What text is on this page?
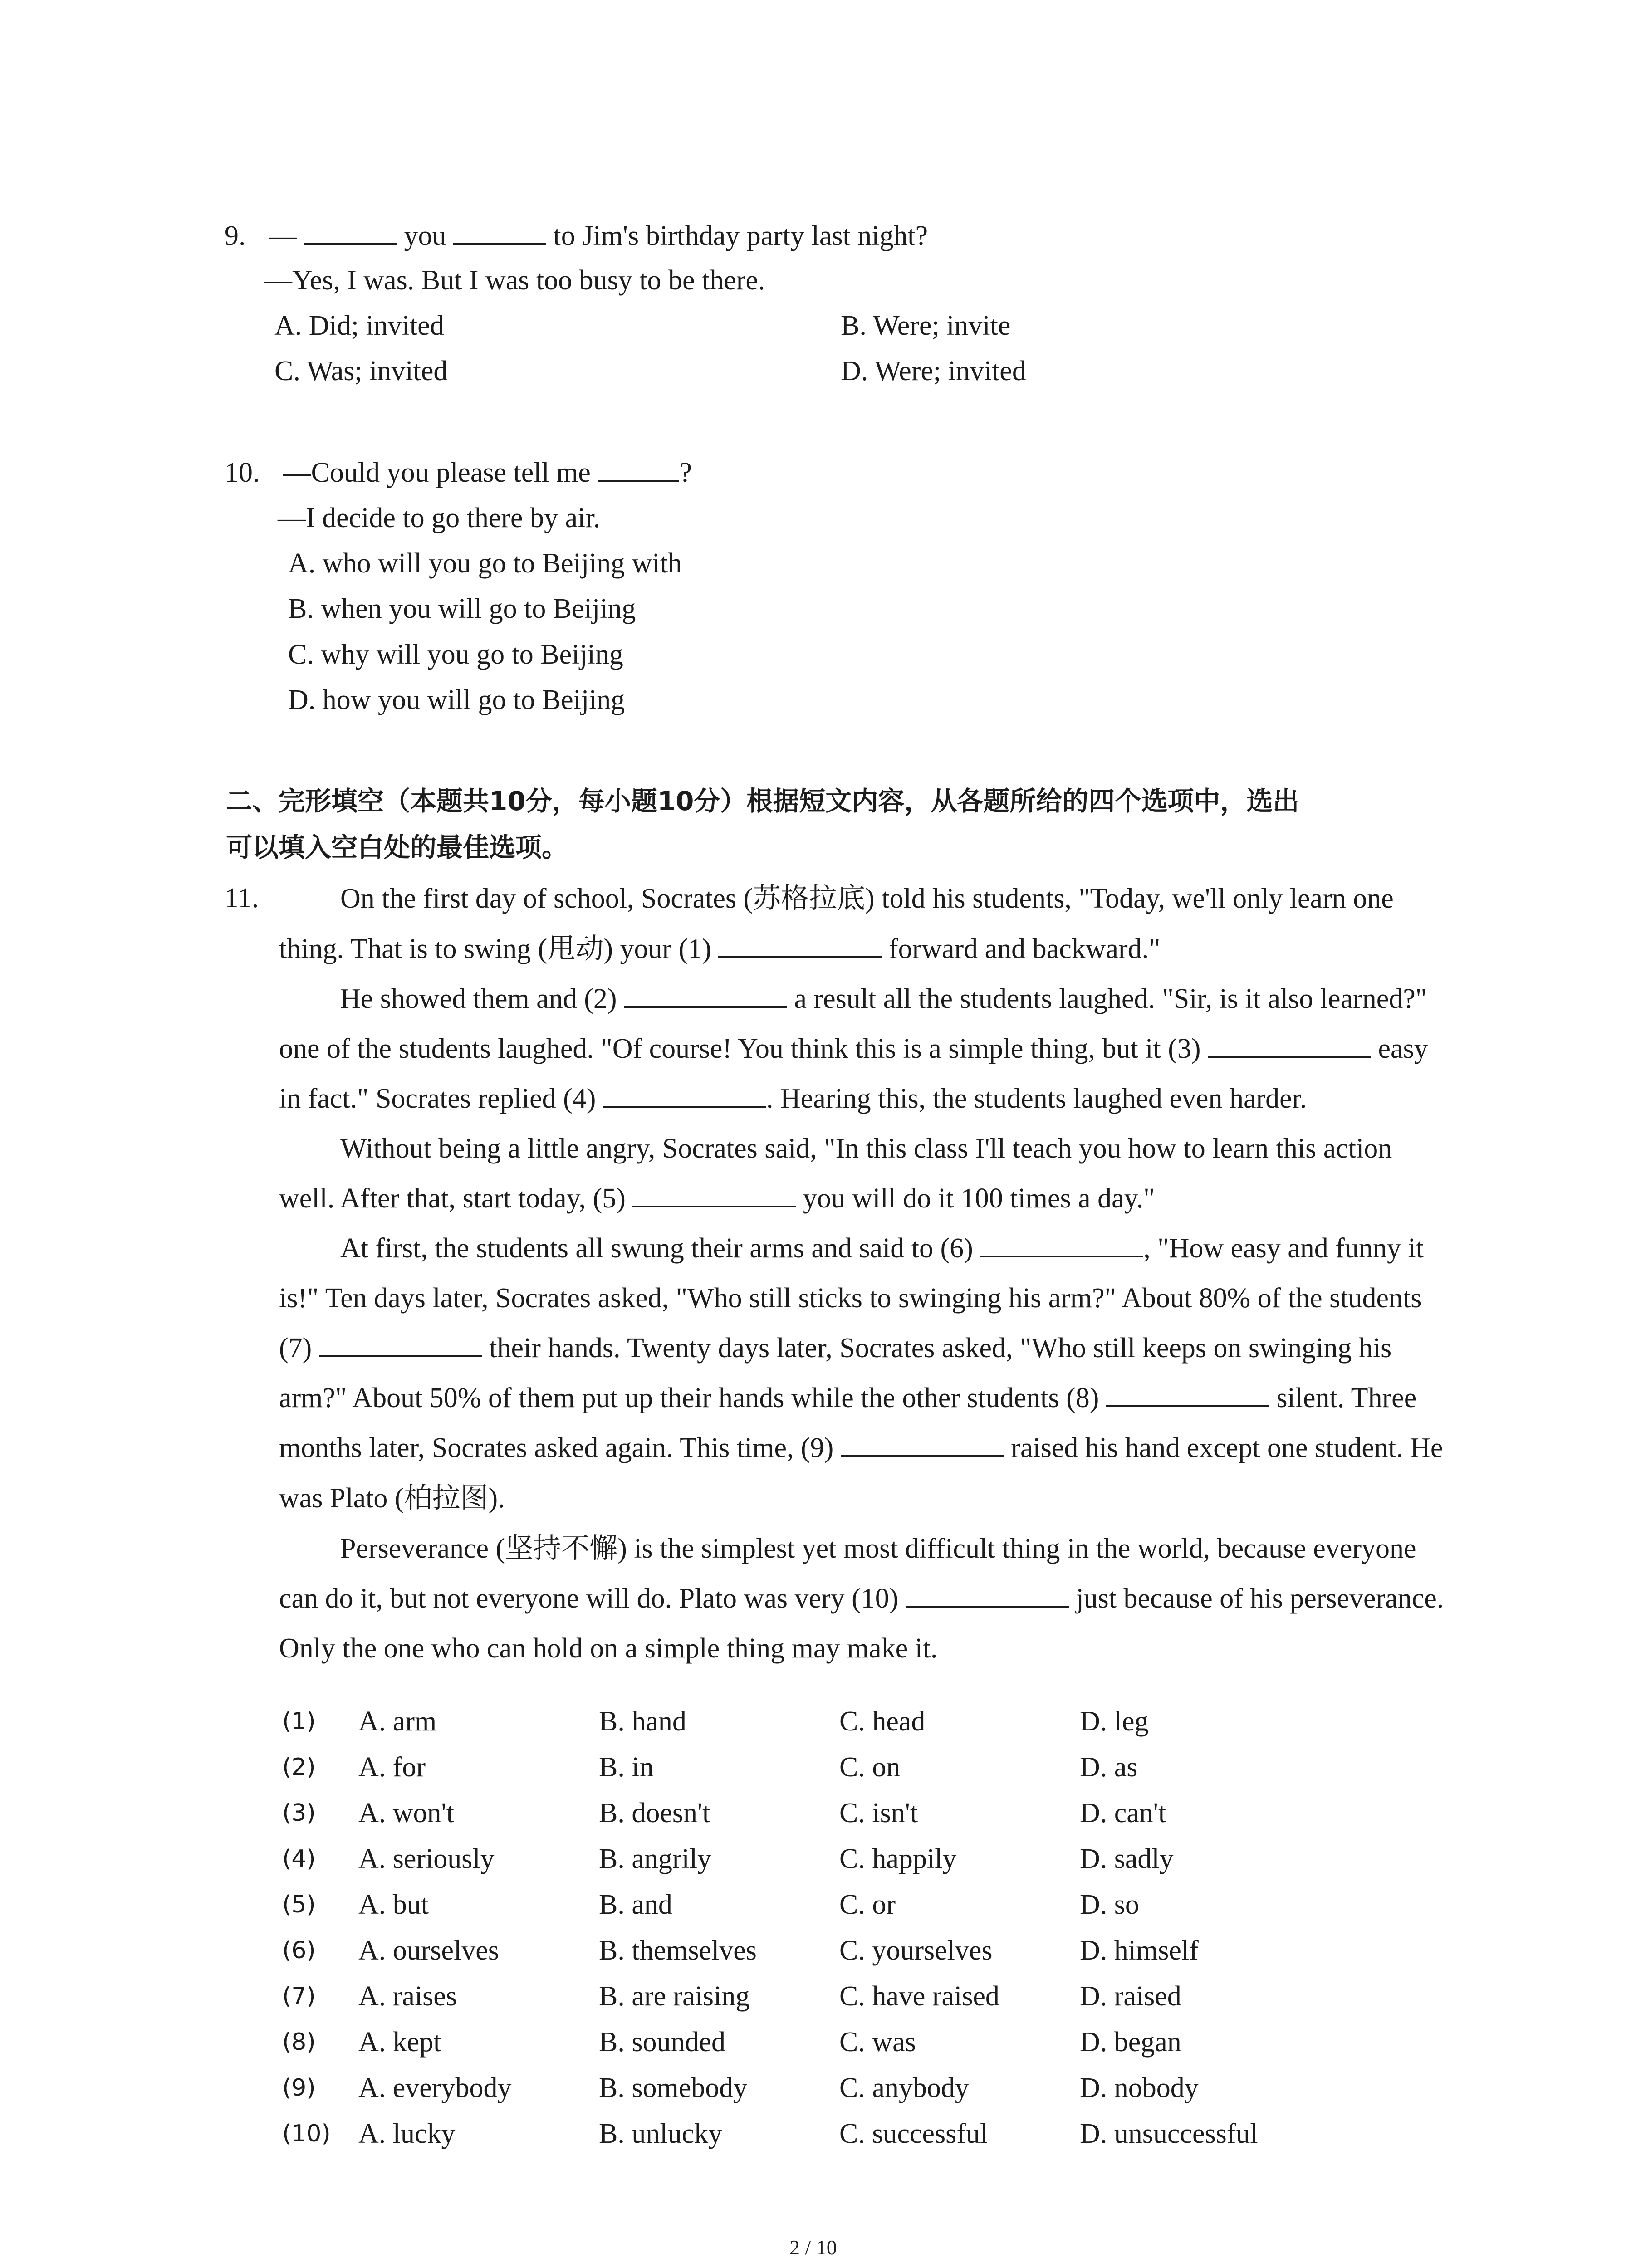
9. —	you	to Jim's birthday party last night?
—Yes, I was. But I was too busy to be there.
A. Did; invited	B. Were; invite
C. Was; invited	D. Were; invited
10. —Could you please tell me	?
—I decide to go there by air.
A. who will you go to Beijing with
B. when you will go to Beijing
C. why will you go to Beijing
D. how you will go to Beijing
二、完形填空（本题共10分，每小题10分）根据短文内容，从各题所给的四个选项中，选出
可以填入空白处的最佳选项。
11.	On the first day of school, Socrates (苏格拉底) told his students, "Today, we'll only learn one thing. That is to swing (甩动) your (1)	forward and backward."

He showed them and (2)	a result all the students laughed. "Sir, is it also learned?" one of the students laughed. "Of course! You think this is a simple thing, but it (3)	easy in fact." Socrates replied (4)	. Hearing this, the students laughed even harder.

Without being a little angry, Socrates said, "In this class I'll teach you how to learn this action well. After that, start today, (5)	you will do it 100 times a day."

At first, the students all swung their arms and said to (6)	, "How easy and funny it is!" Ten days later, Socrates asked, "Who still sticks to swinging his arm?" About 80% of the students (7)	their hands. Twenty days later, Socrates asked, "Who still keeps on swinging his arm?" About 50% of them put up their hands while the other students (8)	silent. Three months later, Socrates asked again. This time, (9)	raised his hand except one student. He was Plato (柏拉图).

Perseverance (坚持不懈) is the simplest yet most difficult thing in the world, because everyone can do it, but not everyone will do. Plato was very (10)	just because of his perseverance. Only the one who can hold on a simple thing may make it.

(1) A. arm	B. hand	C. head	D. leg
(2) A. for	B. in	C. on	D. as
(3) A. won't	B. doesn't	C. isn't	D. can't
(4) A. seriously	B. angrily	C. happily	D. sadly
(5) A. but	B. and	C. or	D. so
(6) A. ourselves	B. themselves	C. yourselves	D. himself
(7) A. raises	B. are raising	C. have raised	D. raised
(8) A. kept	B. sounded	C. was	D. began
(9) A. everybody	B. somebody	C. anybody	D. nobody
(10) A. lucky	B. unlucky	C. successful	D. unsuccessful
2 / 10
